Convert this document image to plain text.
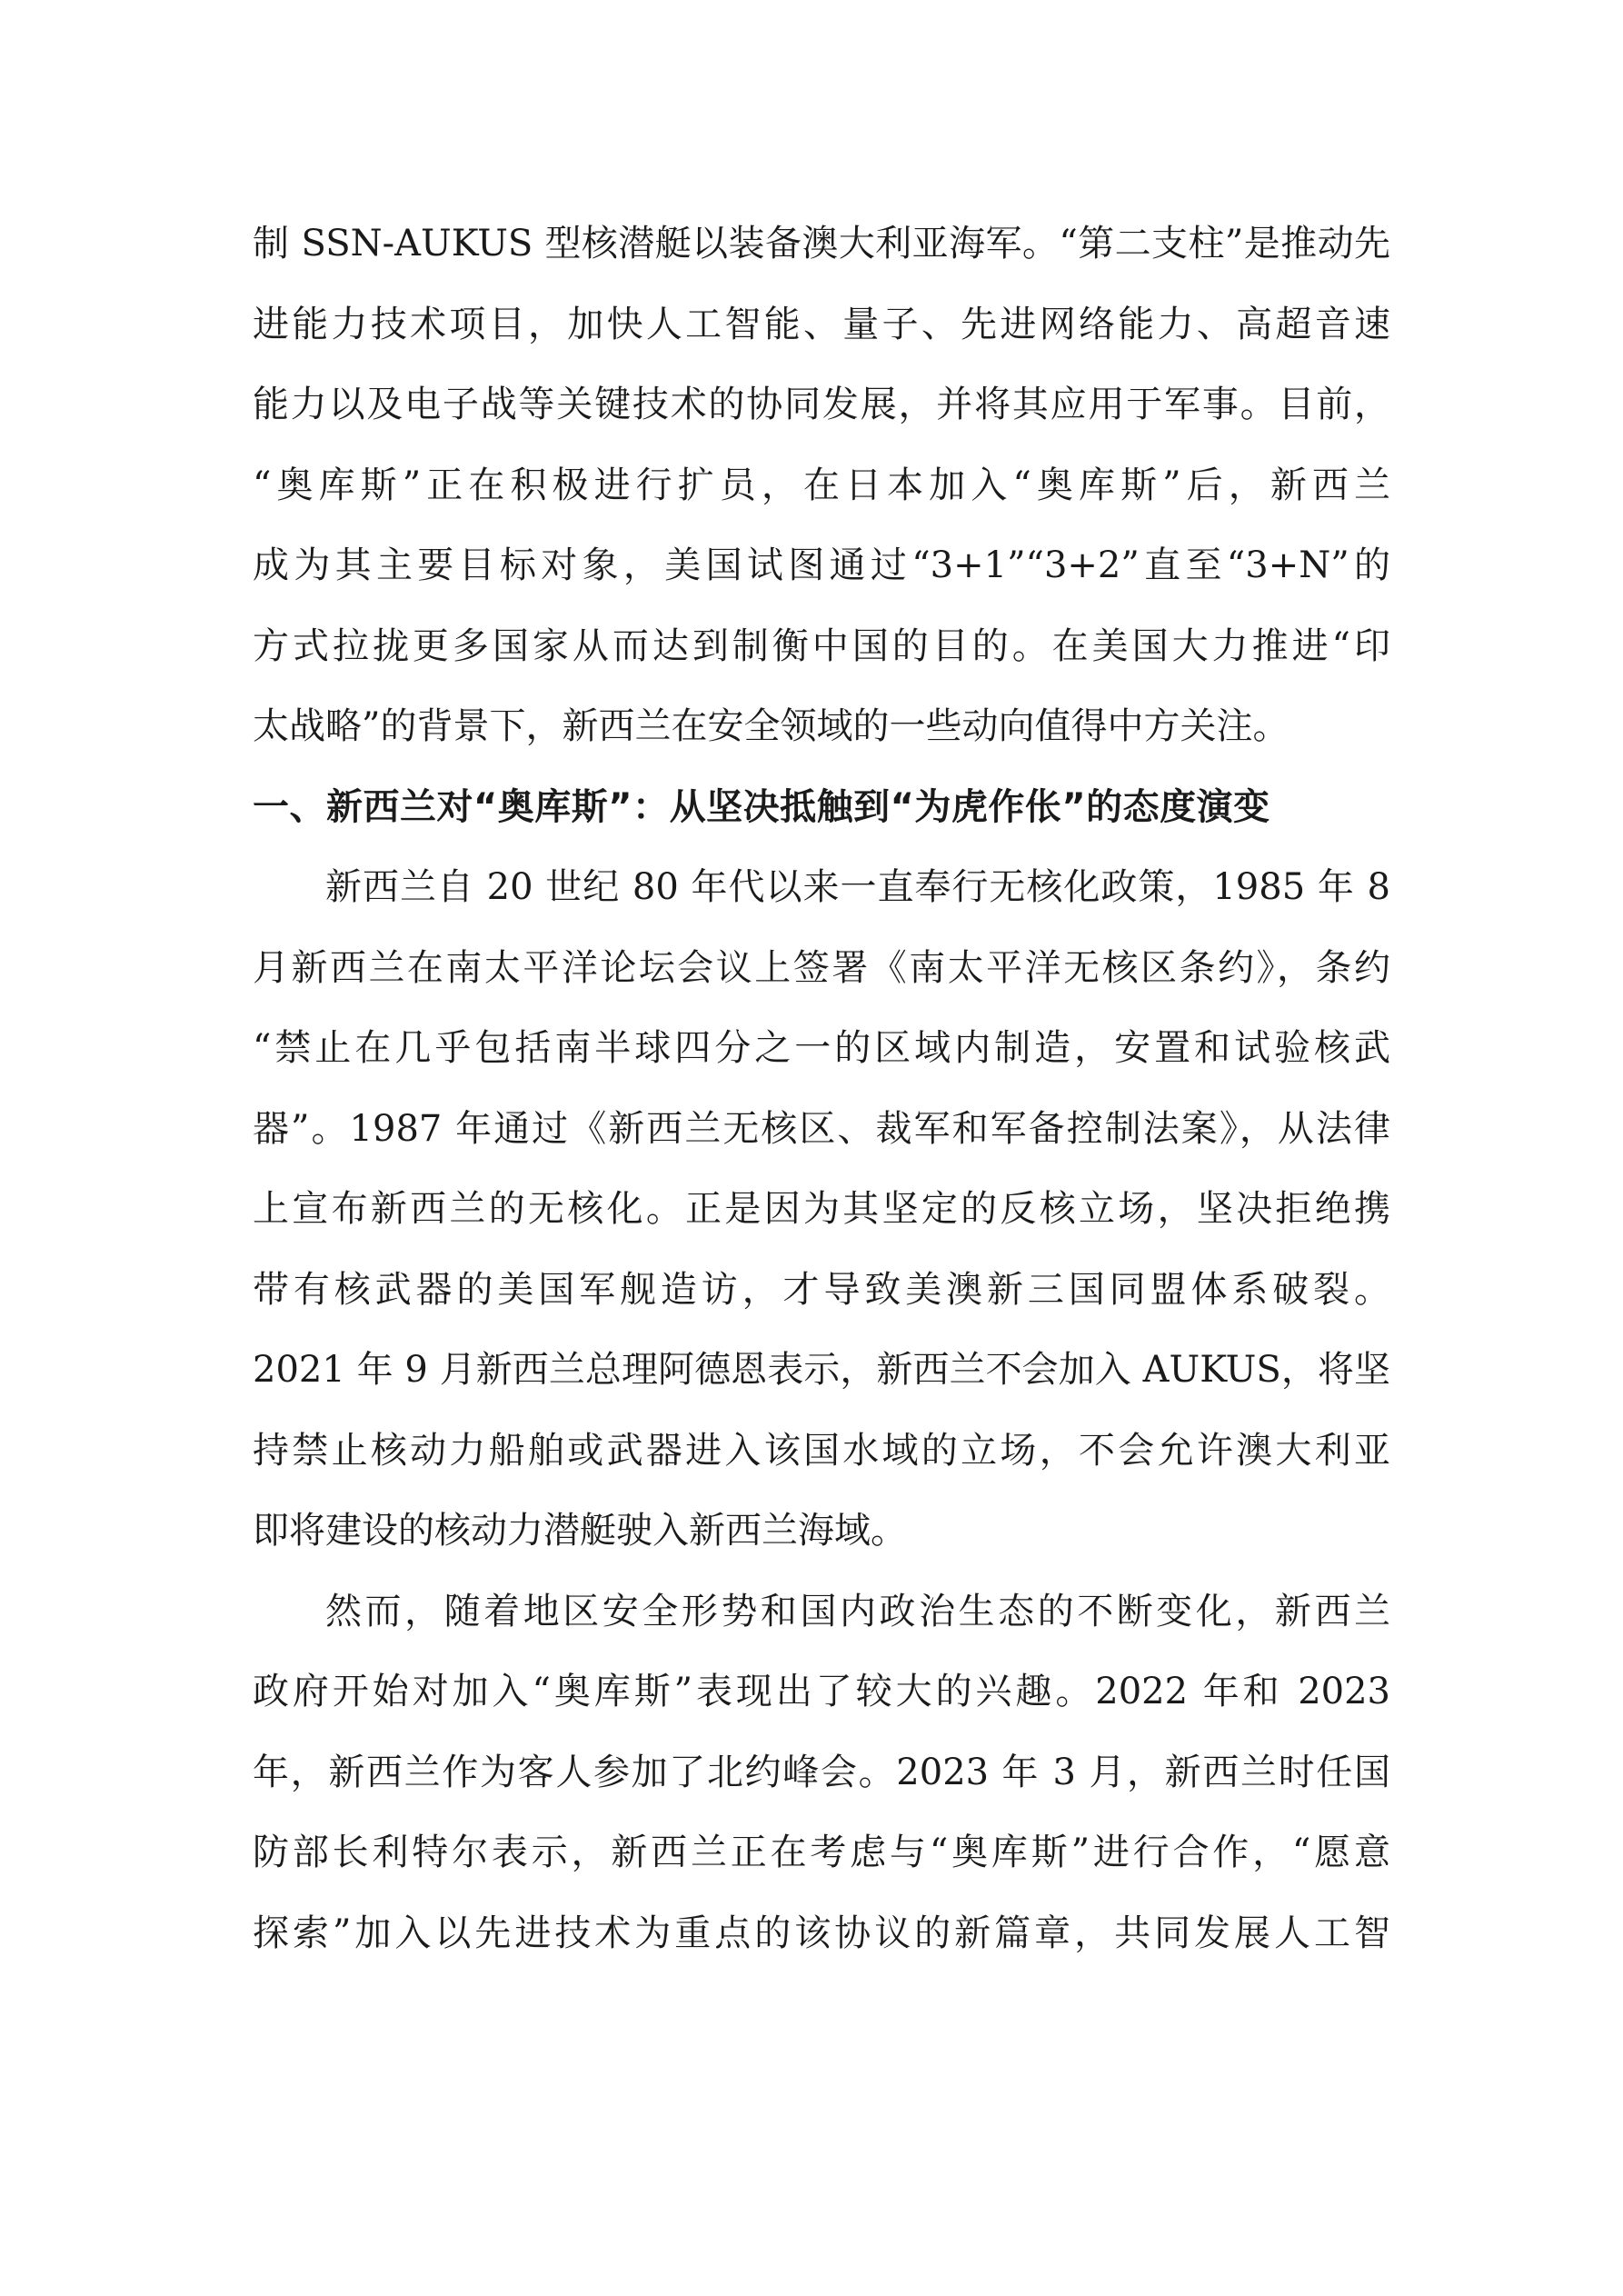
制 SSN-AUKUS 型核潜艇以装备澳大利亚海军。“第二支柱”是推动先
进能力技术项目，加快人工智能、量子、先进网络能力、高超音速
能力以及电子战等关键技术的协同发展，并将其应用于军事。目前，
“奥库斯”正在积极进行扩员，在日本加入“奥库斯”后，新西兰
成为其主要目标对象，美国试图通过“3+1”“3+2”直至“3+N”的
方式拉拢更多国家从而达到制衡中国的目的。在美国大力推进“印
太战略”的背景下，新西兰在安全领域的一些动向值得中方关注。
一、新西兰对“奥库斯”：从坚决抵触到“为虎作伥”的态度演变
新西兰自 20 世纪 80 年代以来一直奉行无核化政策，1985 年 8
月新西兰在南太平洋论坛会议上签署《南太平洋无核区条约》，条约
“禁止在几乎包括南半球四分之一的区域内制造，安置和试验核武
器”。1987 年通过《新西兰无核区、裁军和军备控制法案》，从法律
上宣布新西兰的无核化。正是因为其坚定的反核立场，坚决拒绝携
带有核武器的美国军舰造访，才导致美澳新三国同盟体系破裂。
2021 年 9 月新西兰总理阿德恩表示，新西兰不会加入 AUKUS，将坚
持禁止核动力船舶或武器进入该国水域的立场，不会允许澳大利亚
即将建设的核动力潜艇驶入新西兰海域。
然而，随着地区安全形势和国内政治生态的不断变化，新西兰
政府开始对加入“奥库斯”表现出了较大的兴趣。2022 年和 2023
年，新西兰作为客人参加了北约峰会。2023 年 3 月，新西兰时任国
防部长利特尔表示，新西兰正在考虑与“奥库斯”进行合作，“愿意
探索”加入以先进技术为重点的该协议的新篇章，共同发展人工智
